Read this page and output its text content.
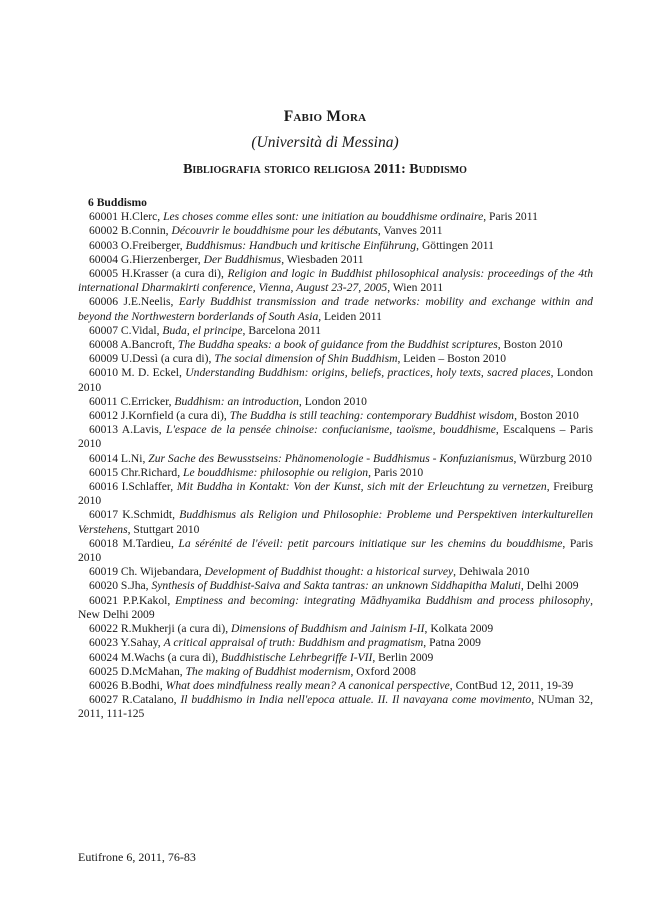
Fabio Mora
(Università di Messina)
Bibliografia storico religiosa 2011: Buddismo
6 Buddismo
60001 H.Clerc, Les choses comme elles sont: une initiation au bouddhisme ordinaire, Paris 2011
60002 B.Connin, Découvrir le bouddhisme pour les débutants, Vanves 2011
60003 O.Freiberger, Buddhismus: Handbuch und kritische Einführung, Göttingen 2011
60004 G.Hierzenberger, Der Buddhismus, Wiesbaden 2011
60005 H.Krasser (a cura di), Religion and logic in Buddhist philosophical analysis: proceedings of the 4th international Dharmakirti conference, Vienna, August 23-27, 2005, Wien 2011
60006 J.E.Neelis, Early Buddhist transmission and trade networks: mobility and exchange within and beyond the Northwestern borderlands of South Asia, Leiden 2011
60007 C.Vidal, Buda, el principe, Barcelona 2011
60008 A.Bancroft, The Buddha speaks: a book of guidance from the Buddhist scriptures, Boston 2010
60009 U.Dessì (a cura di), The social dimension of Shin Buddhism, Leiden – Boston 2010
60010 M. D. Eckel, Understanding Buddhism: origins, beliefs, practices, holy texts, sacred places, London 2010
60011 C.Erricker, Buddhism: an introduction, London 2010
60012 J.Kornfield (a cura di), The Buddha is still teaching: contemporary Buddhist wisdom, Boston 2010
60013 A.Lavis, L'espace de la pensée chinoise: confucianisme, taoïsme, bouddhisme, Escalquens – Paris 2010
60014 L.Ni, Zur Sache des Bewusstseins: Phänomenologie - Buddhismus - Konfuzianismus, Würzburg 2010
60015 Chr.Richard, Le bouddhisme: philosophie ou religion, Paris 2010
60016 I.Schlaffer, Mit Buddha in Kontakt: Von der Kunst, sich mit der Erleuchtung zu vernetzen, Freiburg 2010
60017 K.Schmidt, Buddhismus als Religion und Philosophie: Probleme und Perspektiven interkulturellen Verstehens, Stuttgart 2010
60018 M.Tardieu, La sérénité de l'éveil: petit parcours initiatique sur les chemins du bouddhisme, Paris 2010
60019 Ch. Wijebandara, Development of Buddhist thought: a historical survey, Dehiwala 2010
60020 S.Jha, Synthesis of Buddhist-Saiva and Sakta tantras: an unknown Siddhapitha Maluti, Delhi 2009
60021 P.P.Kakol, Emptiness and becoming: integrating Mādhyamika Buddhism and process philosophy, New Delhi 2009
60022 R.Mukherji (a cura di), Dimensions of Buddhism and Jainism I-II, Kolkata 2009
60023 Y.Sahay, A critical appraisal of truth: Buddhism and pragmatism, Patna 2009
60024 M.Wachs (a cura di), Buddhistische Lehrbegriffe I-VII, Berlin 2009
60025 D.McMahan, The making of Buddhist modernism, Oxford 2008
60026 B.Bodhi, What does mindfulness really mean? A canonical perspective, ContBud 12, 2011, 19-39
60027 R.Catalano, Il buddhismo in India nell'epoca attuale. II. Il navayana come movimento, NUman 32, 2011, 111-125
Eutifrone 6, 2011, 76-83
